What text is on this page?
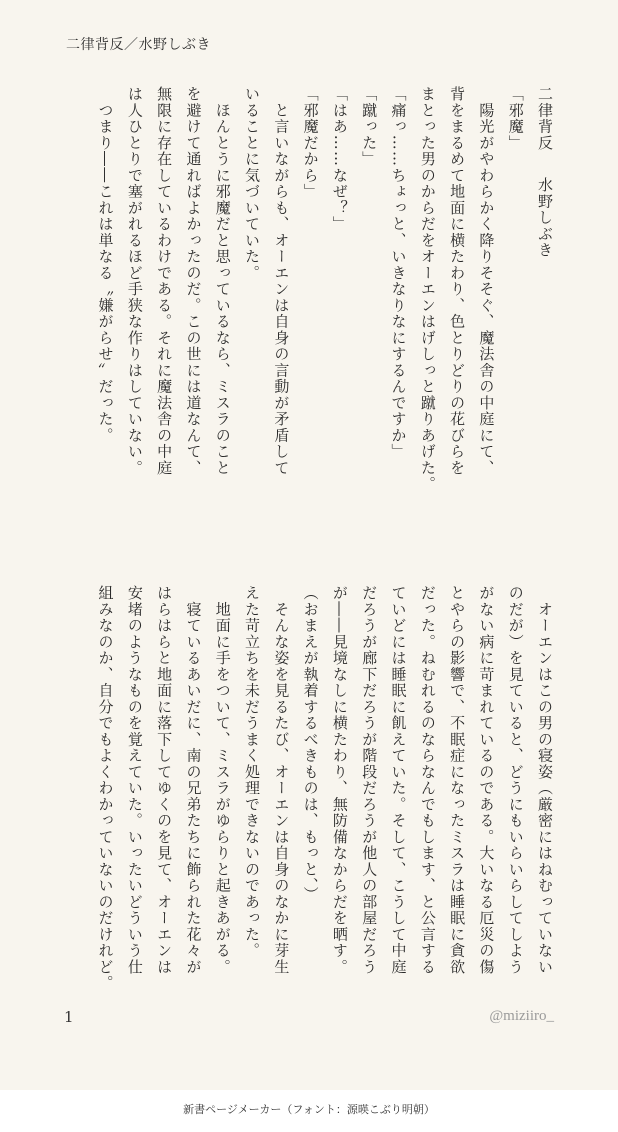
二律背反／水野しぶき
二律背反水野しぶき
「邪魔」
　陽光がやわらかく降りそそぐ、魔法舎の中庭にて、
背をまるめて地面に横たわり、色とりどりの花びらを
まとった男のからだをオーエンはげしっと蹴りあげた。
「痛っ……ちょっと、いきなりなにするんですか」
「蹴った」
「はあ……なぜ？」
「邪魔だから」
　と言いながらも、オーエンは自身の言動が矛盾して
いることに気づいていた。
　ほんとうに邪魔だと思っているなら、ミスラのこと
を避けて通ればよかったのだ。この世には道なんて、
無限に存在しているわけである。それに魔法舎の中庭
は人ひとりで塞がれるほど手狭な作りはしていない。
　つまり――これは単なる〝嫌がらせ〟だった。
　オーエンはこの男の寝姿（厳密にはねむっていない
のだが）を見ていると、どうにもいらいらしてしよう
がない病に苛まれているのである。大いなる厄災の傷
とやらの影響で、不眠症になったミスラは睡眠に貪欲
だった。ねむれるのならなんでもします、と公言する
ていどには睡眠に飢えていた。そして、こうして中庭
だろうが廊下だろうが階段だろうが他人の部屋だろう
が――見境なしに横たわり、無防備なからだを晒す。
（おまえが執着するべきものは、もっと、）
　そんな姿を見るたび、オーエンは自身のなかに芽生
えた苛立ちを未だうまく処理できないのであった。
　地面に手をついて、ミスラがゆらりと起きあがる。
　寝ているあいだに、南の兄弟たちに飾られた花々が
はらはらと地面に落下してゆくのを見て、オーエンは
安堵のようなものを覚えていた。いったいどういう仕
組みなのか、自分でもよくわかっていないのだけれど。
1	@miziiro_
新書ページメーカー（フォント：源暎こぶり明朝）
